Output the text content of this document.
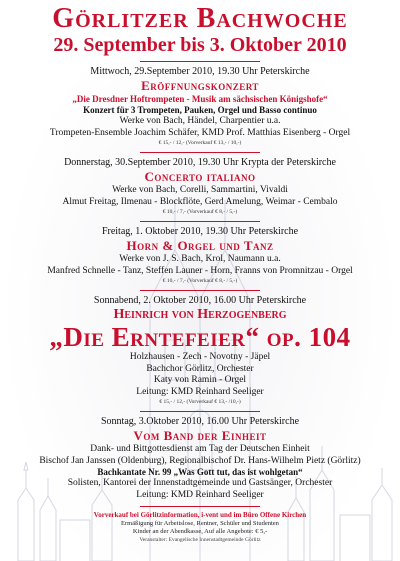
Görlitzer Bachwoche
29. September bis 3. Oktober 2010
Mittwoch, 29.September 2010, 19.30 Uhr Peterskirche
Eröffnungskonzert
„Die Dresdner Hoftrompeten - Musik am sächsischen Königshofe“
Konzert für 3 Trompeten, Pauken, Orgel und Basso continuo
Werke von Bach, Händel, Charpentier u.a.
Trompeten-Ensemble Joachim Schäfer, KMD Prof. Matthias Eisenberg - Orgel
€ 15,- / 12,- (Vorverkauf € 13,- / 10,-)
Donnerstag, 30.September 2010, 19.30 Uhr Krypta der Peterskirche
Concerto italiano
Werke von Bach, Corelli, Sammartini, Vivaldi
Almut Freitag, Ilmenau - Blockflöte, Gerd Amelung, Weimar - Cembalo
€ 10,- / 7,- (Vorverkauf € 8,- / 5,-)
Freitag, 1. Oktober 2010, 19.30 Uhr Peterskirche
Horn & Orgel und Tanz
Werke von J. S. Bach, Krol, Naumann u.a.
Manfred Schnelle - Tanz, Steffen Launer - Horn, Franns von Promnitzau - Orgel
€ 10,- / 7,- (Vorverkauf € 8,- / 5,-)
Sonnabend, 2. Oktober 2010, 16.00 Uhr Peterskirche
Heinrich von Herzogenberg
„Die Erntefeier“ op. 104
Holzhausen - Zech - Novotny - Jäpel
Bachchor Görlitz, Orchester
Katy von Ramin - Orgel
Leitung: KMD Reinhard Seeliger
€ 15,- / 12,- (Vorverkauf € 13,- /10,-)
Sonntag, 3.Oktober 2010, 16.00 Uhr Peterskirche
Vom Band der Einheit
Dank- und Bittgottesdienst am Tag der Deutschen Einheit
Bischof Jan Janssen (Oldenburg), Regionalbischof Dr. Hans-Wilhelm Pietz (Görlitz)
Bachkantate Nr. 99 „Was Gott tut, das ist wohlgetan“
Solisten, Kantorei der Innenstadtgemeinde und Gastsänger, Orchester
Leitung: KMD Reinhard Seeliger
Vorverkauf bei Görlitzinformation, i-vent und im Büro Offene Kirchen
Ermäßigung für Arbeitslose, Rentner, Schüler und Studenten
Kinder an der Abendkasse, Auf alle Angebote: € 5,-
Veranstalter: Evangelische Innenstadtgemeinde Görlitz
